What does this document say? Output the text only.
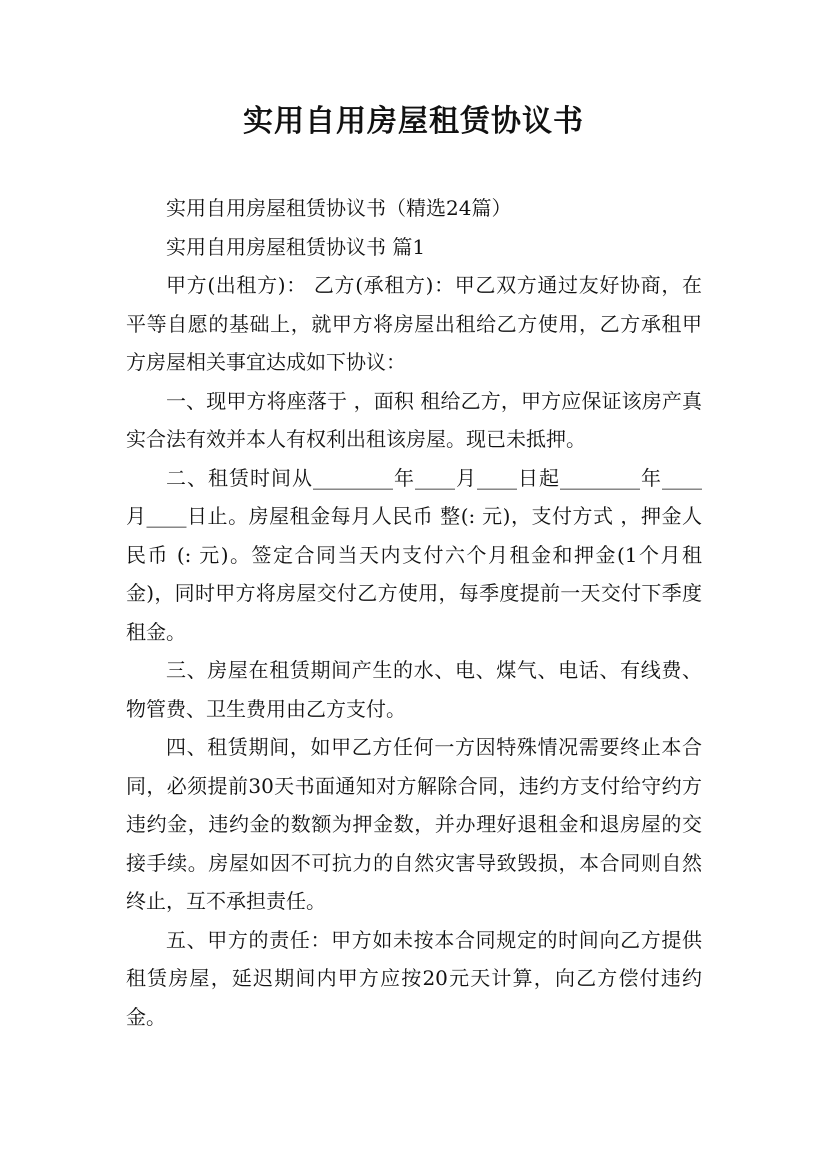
实用自用房屋租赁协议书

实用自用房屋租赁协议书（精选24篇）

实用自用房屋租赁协议书 篇1

甲方(出租方)： 乙方(承租方)：甲乙双方通过友好协商，在平等自愿的基础上，就甲方将房屋出租给乙方使用，乙方承租甲方房屋相关事宜达成如下协议：

一、现甲方将座落于 ，面积 租给乙方，甲方应保证该房产真实合法有效并本人有权利出租该房屋。现已未抵押。

二、租赁时间从________年____月____日起________年____月____日止。房屋租金每月人民币 整(: 元)，支付方式 ，押金人民币 (: 元)。签定合同当天内支付六个月租金和押金(1个月租金)，同时甲方将房屋交付乙方使用，每季度提前一天交付下季度租金。

三、房屋在租赁期间产生的水、电、煤气、电话、有线费、物管费、卫生费用由乙方支付。

四、租赁期间，如甲乙方任何一方因特殊情况需要终止本合同，必须提前30天书面通知对方解除合同，违约方支付给守约方违约金，违约金的数额为押金数，并办理好退租金和退房屋的交接手续。房屋如因不可抗力的自然灾害导致毁损，本合同则自然终止，互不承担责任。

五、甲方的责任：甲方如未按本合同规定的时间向乙方提供租赁房屋，延迟期间内甲方应按20元天计算，向乙方偿付违约金。
